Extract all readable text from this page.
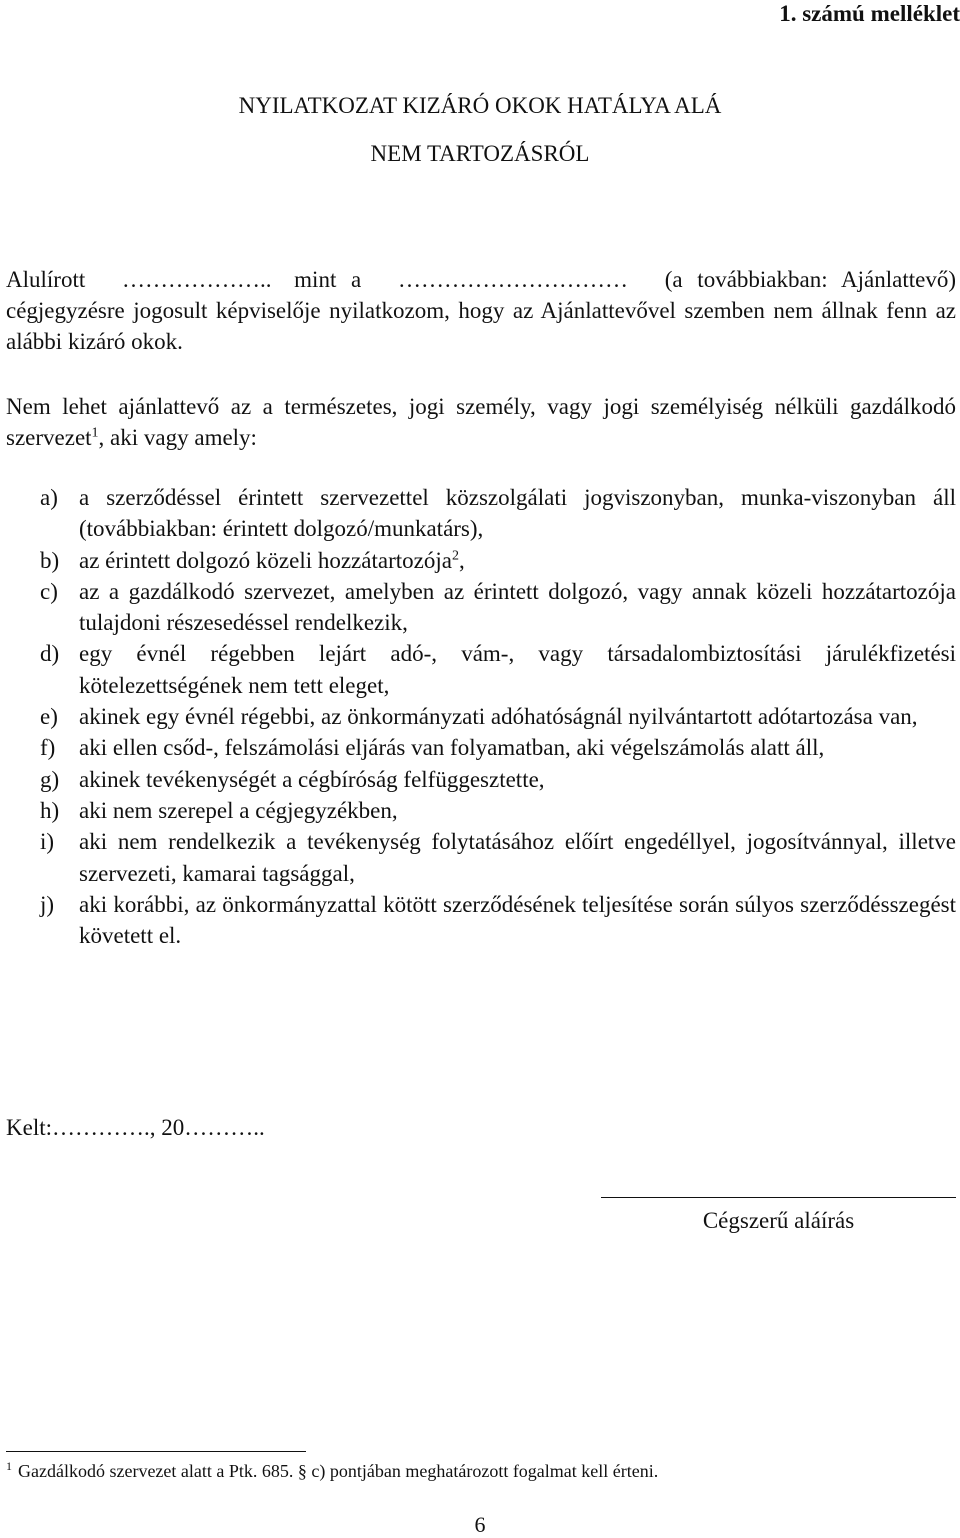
1. számú melléklet
NYILATKOZAT KIZÁRÓ OKOK HATÁLYA ALÁ
NEM TARTOZÁSRÓL
Alulírott ……………….. mint a ………………………… (a továbbiakban: Ajánlattevő) cégjegyzésre jogosult képviselője nyilatkozom, hogy az Ajánlattevővel szemben nem állnak fenn az alábbi kizáró okok.
Nem lehet ajánlattevő az a természetes, jogi személy, vagy jogi személyiség nélküli gazdálkodó szervezet$^1$, aki vagy amely:
a) a szerződéssel érintett szervezettel közszolgálati jogviszonyban, munka-viszonyban áll (továbbiakban: érintett dolgozó/munkatárs),
b) az érintett dolgozó közeli hozzátartozója$^2$,
c) az a gazdálkodó szervezet, amelyben az érintett dolgozó, vagy annak közeli hozzátartozója tulajdoni részesedéssel rendelkezik,
d) egy évnél régebben lejárt adó-, vám-, vagy társadalombiztosítási járulékfizetési kötelezettségének nem tett eleget,
e) akinek egy évnél régebbi, az önkormányzati adóhatóságnál nyilvántartott adótartozása van,
f) aki ellen csőd-, felszámolási eljárás van folyamatban, aki végelszámolás alatt áll,
g) akinek tevékenységét a cégbíróság felfüggesztette,
h) aki nem szerepel a cégjegyzékben,
i) aki nem rendelkezik a tevékenység folytatásához előírt engedéllyel, jogosítvánnyal, illetve szervezeti, kamarai tagsággal,
j) aki korábbi, az önkormányzattal kötött szerződésének teljesítése során súlyos szerződésszegést követett el.
Kelt:…………., 20………..
Cégszerű aláírás
$^1$ Gazdálkodó szervezet alatt a Ptk. 685. § c) pontjában meghatározott fogalmat kell érteni.
6
